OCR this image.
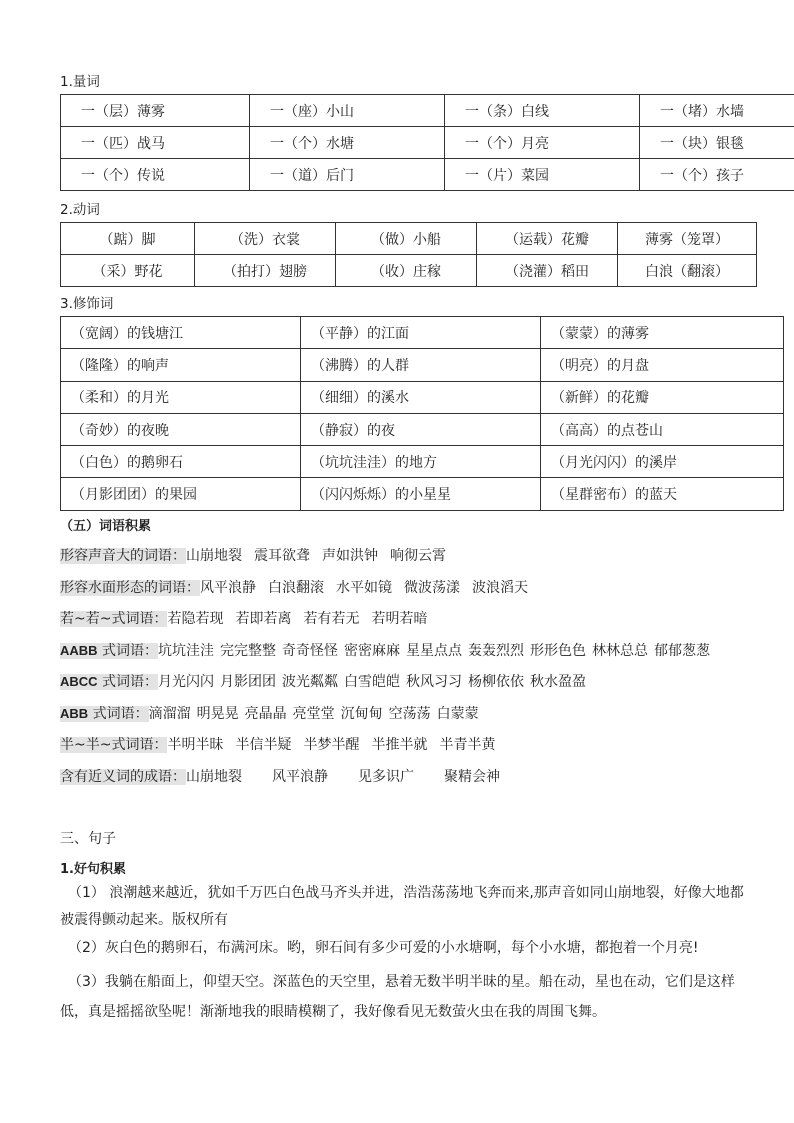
1.量词
一（层）薄雾	一（座）小山	一（条）白线	一（堵）水墙
一（匹）战马	一（个）水塘	一（个）月亮	一（块）银毯
一（个）传说	一（道）后门	一（片）菜园	一（个）孩子
2.动词
（踮）脚	（洗）衣裳	（做）小船	（运载）花瓣	薄雾（笼罩）
（采）野花	（拍打）翅膀	（收）庄稼	（浇灌）稻田	白浪（翻滚）
3.修饰词
（宽阔）的钱塘江	（平静）的江面	（蒙蒙）的薄雾
（隆隆）的响声	（沸腾）的人群	（明亮）的月盘
（柔和）的月光	（细细）的溪水	（新鲜）的花瓣
（奇妙）的夜晚	（静寂）的夜	（高高）的点苍山
（白色）的鹅卵石	（坑坑洼洼）的地方	（月光闪闪）的溪岸
（月影团团）的果园	（闪闪烁烁）的小星星	（星群密布）的蓝天
（五）词语积累
形容声音大的词语：山崩地裂 震耳欲聋 声如洪钟 响彻云霄
形容水面形态的词语：风平浪静 白浪翻滚 水平如镜 微波荡漾 波浪滔天
若~若~式词语：若隐若现 若即若离 若有若无 若明若暗
AABB 式词语：坑坑洼洼 完完整整 奇奇怪怪 密密麻麻 星星点点 轰轰烈烈 形形色色 林林总总 郁郁葱葱
ABCC 式词语：月光闪闪 月影团团 波光粼粼 白雪皑皑 秋风习习 杨柳依依 秋水盈盈
ABB 式词语：滴溜溜 明晃晃 亮晶晶 亮堂堂 沉甸甸 空荡荡 白蒙蒙
半~半~式词语：半明半昧 半信半疑 半梦半醒 半推半就 半青半黄
含有近义词的成语：山崩地裂 风平浪静 见多识广 聚精会神
三、句子
1.好句积累
（1） 浪潮越来越近，犹如千万匹白色战马齐头并进，浩浩荡荡地飞奔而来,那声音如同山崩地裂，好像大地都被震得颤动起来。版权所有
（2）灰白色的鹅卵石，布满河床。哟，卵石间有多少可爱的小水塘啊，每个小水塘，都抱着一个月亮!
（3）我躺在船面上，仰望天空。深蓝色的天空里，悬着无数半明半昧的星。船在动，星也在动，它们是这样低，真是摇摇欲坠呢！渐渐地我的眼睛模糊了，我好像看见无数萤火虫在我的周围飞舞。
